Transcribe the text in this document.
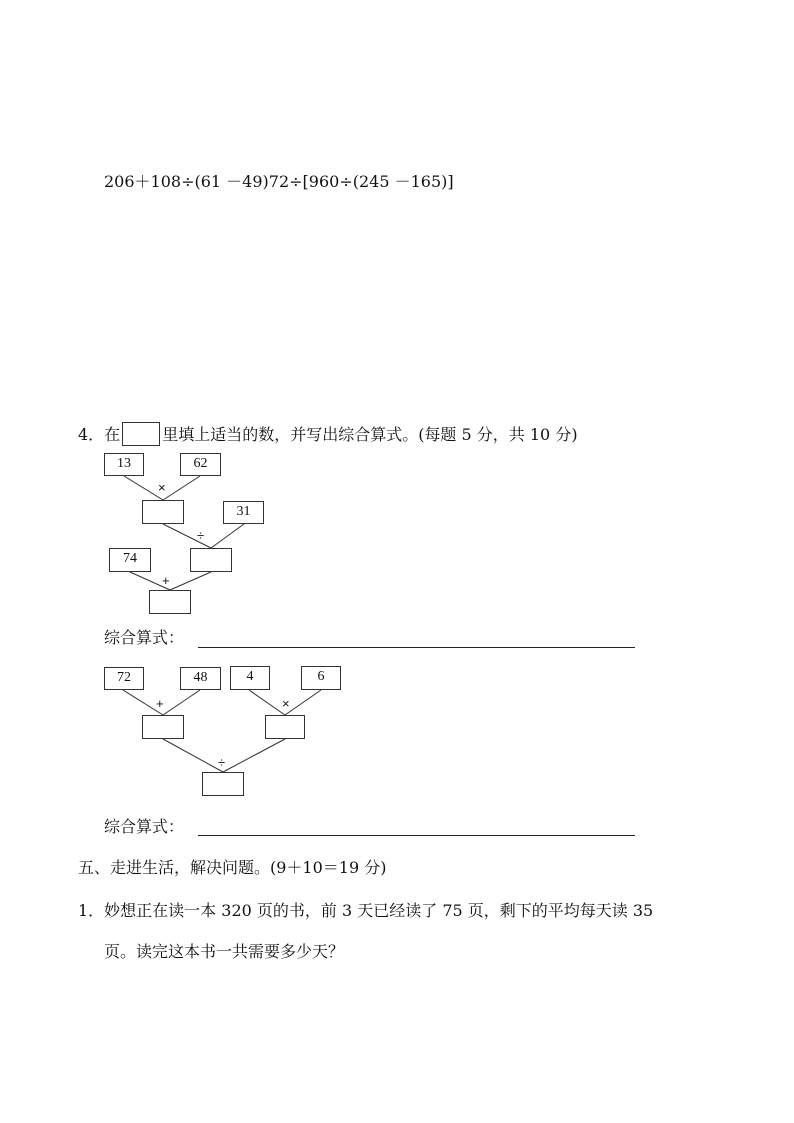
206＋108÷(61 －49)72÷[960÷(245 －165)]
4．在	里填上适当的数，并写出综合算式。(每题 5 分，共 10 分)
13	62
×
31
÷
74
+
综合算式：
72	48
+
4	6
×
÷
综合算式：
五、走进生活，解决问题。(9＋10＝19 分)
1．妙想正在读一本 320 页的书，前 3 天已经读了 75 页，剩下的平均每天读 35
页。读完这本书一共需要多少天？
